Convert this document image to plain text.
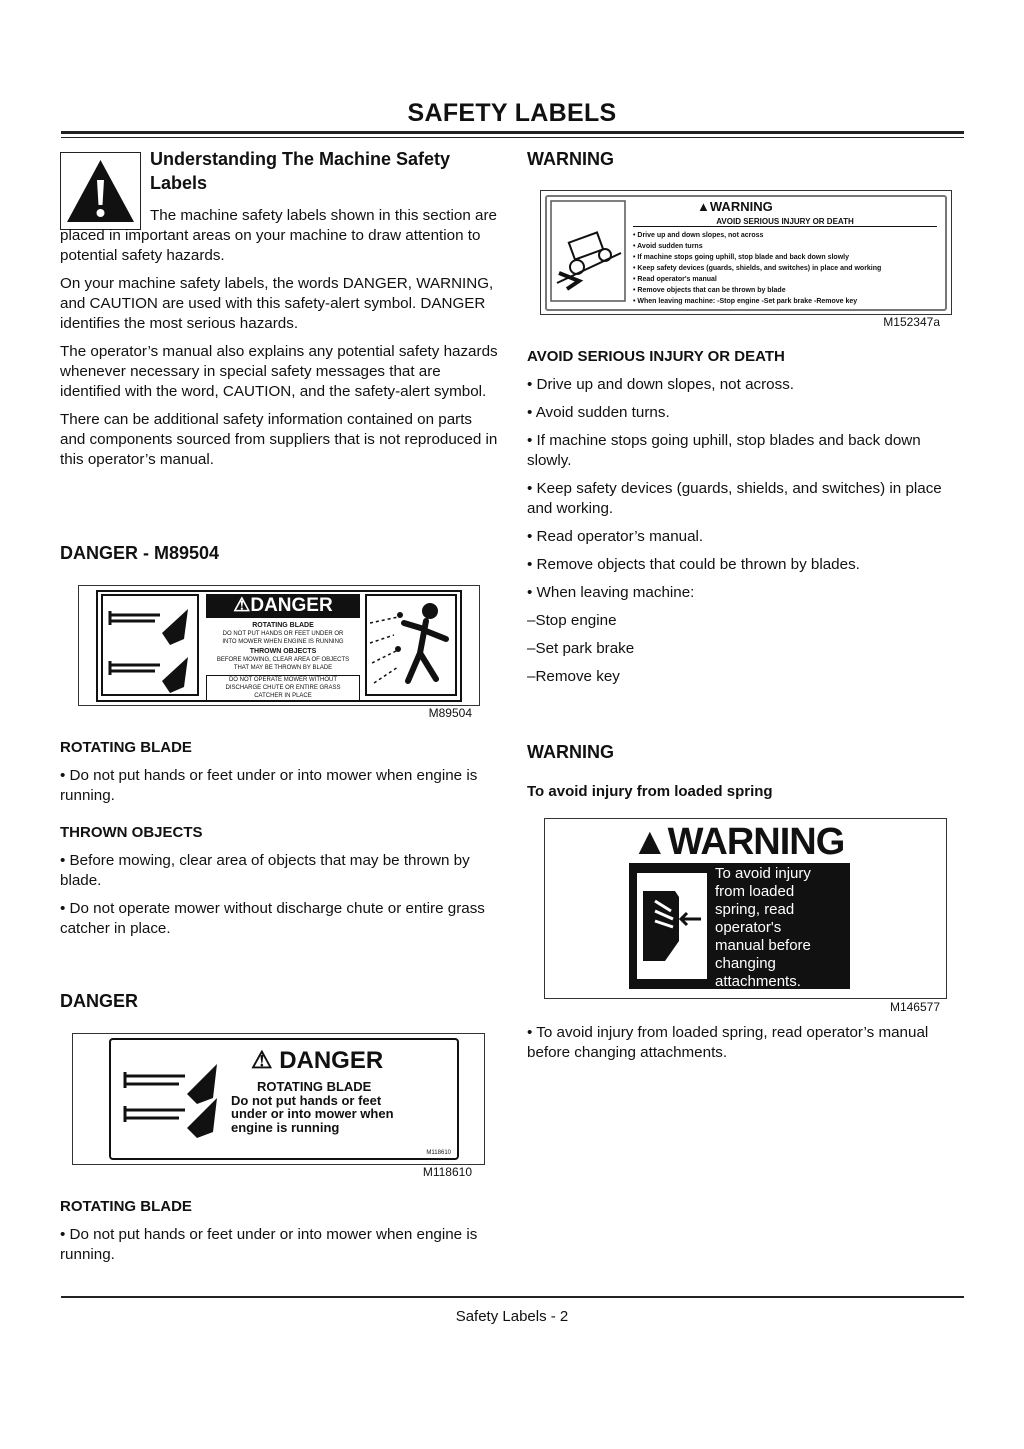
SAFETY LABELS
Understanding The Machine Safety Labels

The machine safety labels shown in this section are placed in important areas on your machine to draw attention to potential safety hazards.

On your machine safety labels, the words DANGER, WARNING, and CAUTION are used with this safety-alert symbol. DANGER identifies the most serious hazards.

The operator’s manual also explains any potential safety hazards whenever necessary in special safety messages that are identified with the word, CAUTION, and the safety-alert symbol.

There can be additional safety information contained on parts and components sourced from suppliers that is not reproduced in this operator’s manual.

DANGER - M89504
⚠DANGER
ROTATING BLADE
DO NOT PUT HANDS OR FEET UNDER OR
INTO MOWER WHEN ENGINE IS RUNNING
THROWN OBJECTS
BEFORE MOWING, CLEAR AREA OF OBJECTS
THAT MAY BE THROWN BY BLADE
DO NOT OPERATE MOWER WITHOUT
DISCHARGE CHUTE OR ENTIRE GRASS
CATCHER IN PLACE
M89504
ROTATING BLADE

• Do not put hands or feet under or into mower when engine is running.

THROWN OBJECTS

• Before mowing, clear area of objects that may be thrown by blade.

• Do not operate mower without discharge chute or entire grass catcher in place.

DANGER
⚠ DANGER
ROTATING BLADE
Do not put hands or feet
under or into mower when
engine is running
M118610
M118610
ROTATING BLADE

• Do not put hands or feet under or into mower when engine is running.

WARNING
▲WARNING
AVOID SERIOUS INJURY OR DEATH
• Drive up and down slopes, not across
• Avoid sudden turns
• If machine stops going uphill, stop blade and back down slowly
• Keep safety devices (guards, shields, and switches) in place and working
• Read operator's manual
• Remove objects that can be thrown by blade
• When leaving machine: -Stop engine -Set park brake -Remove key
M152347a
AVOID SERIOUS INJURY OR DEATH

• Drive up and down slopes, not across.

• Avoid sudden turns.

• If machine stops going uphill, stop blades and back down slowly.

• Keep safety devices (guards, shields, and switches) in place and working.

• Read operator’s manual.

• Remove objects that could be thrown by blades.

• When leaving machine:

–Stop engine

–Set park brake

–Remove key

WARNING
To avoid injury from loaded spring
▲WARNING
To avoid injury
from loaded
spring, read
operator's
manual before
changing
attachments.
M146577

• To avoid injury from loaded spring, read operator’s manual before changing attachments.

Safety Labels - 2
